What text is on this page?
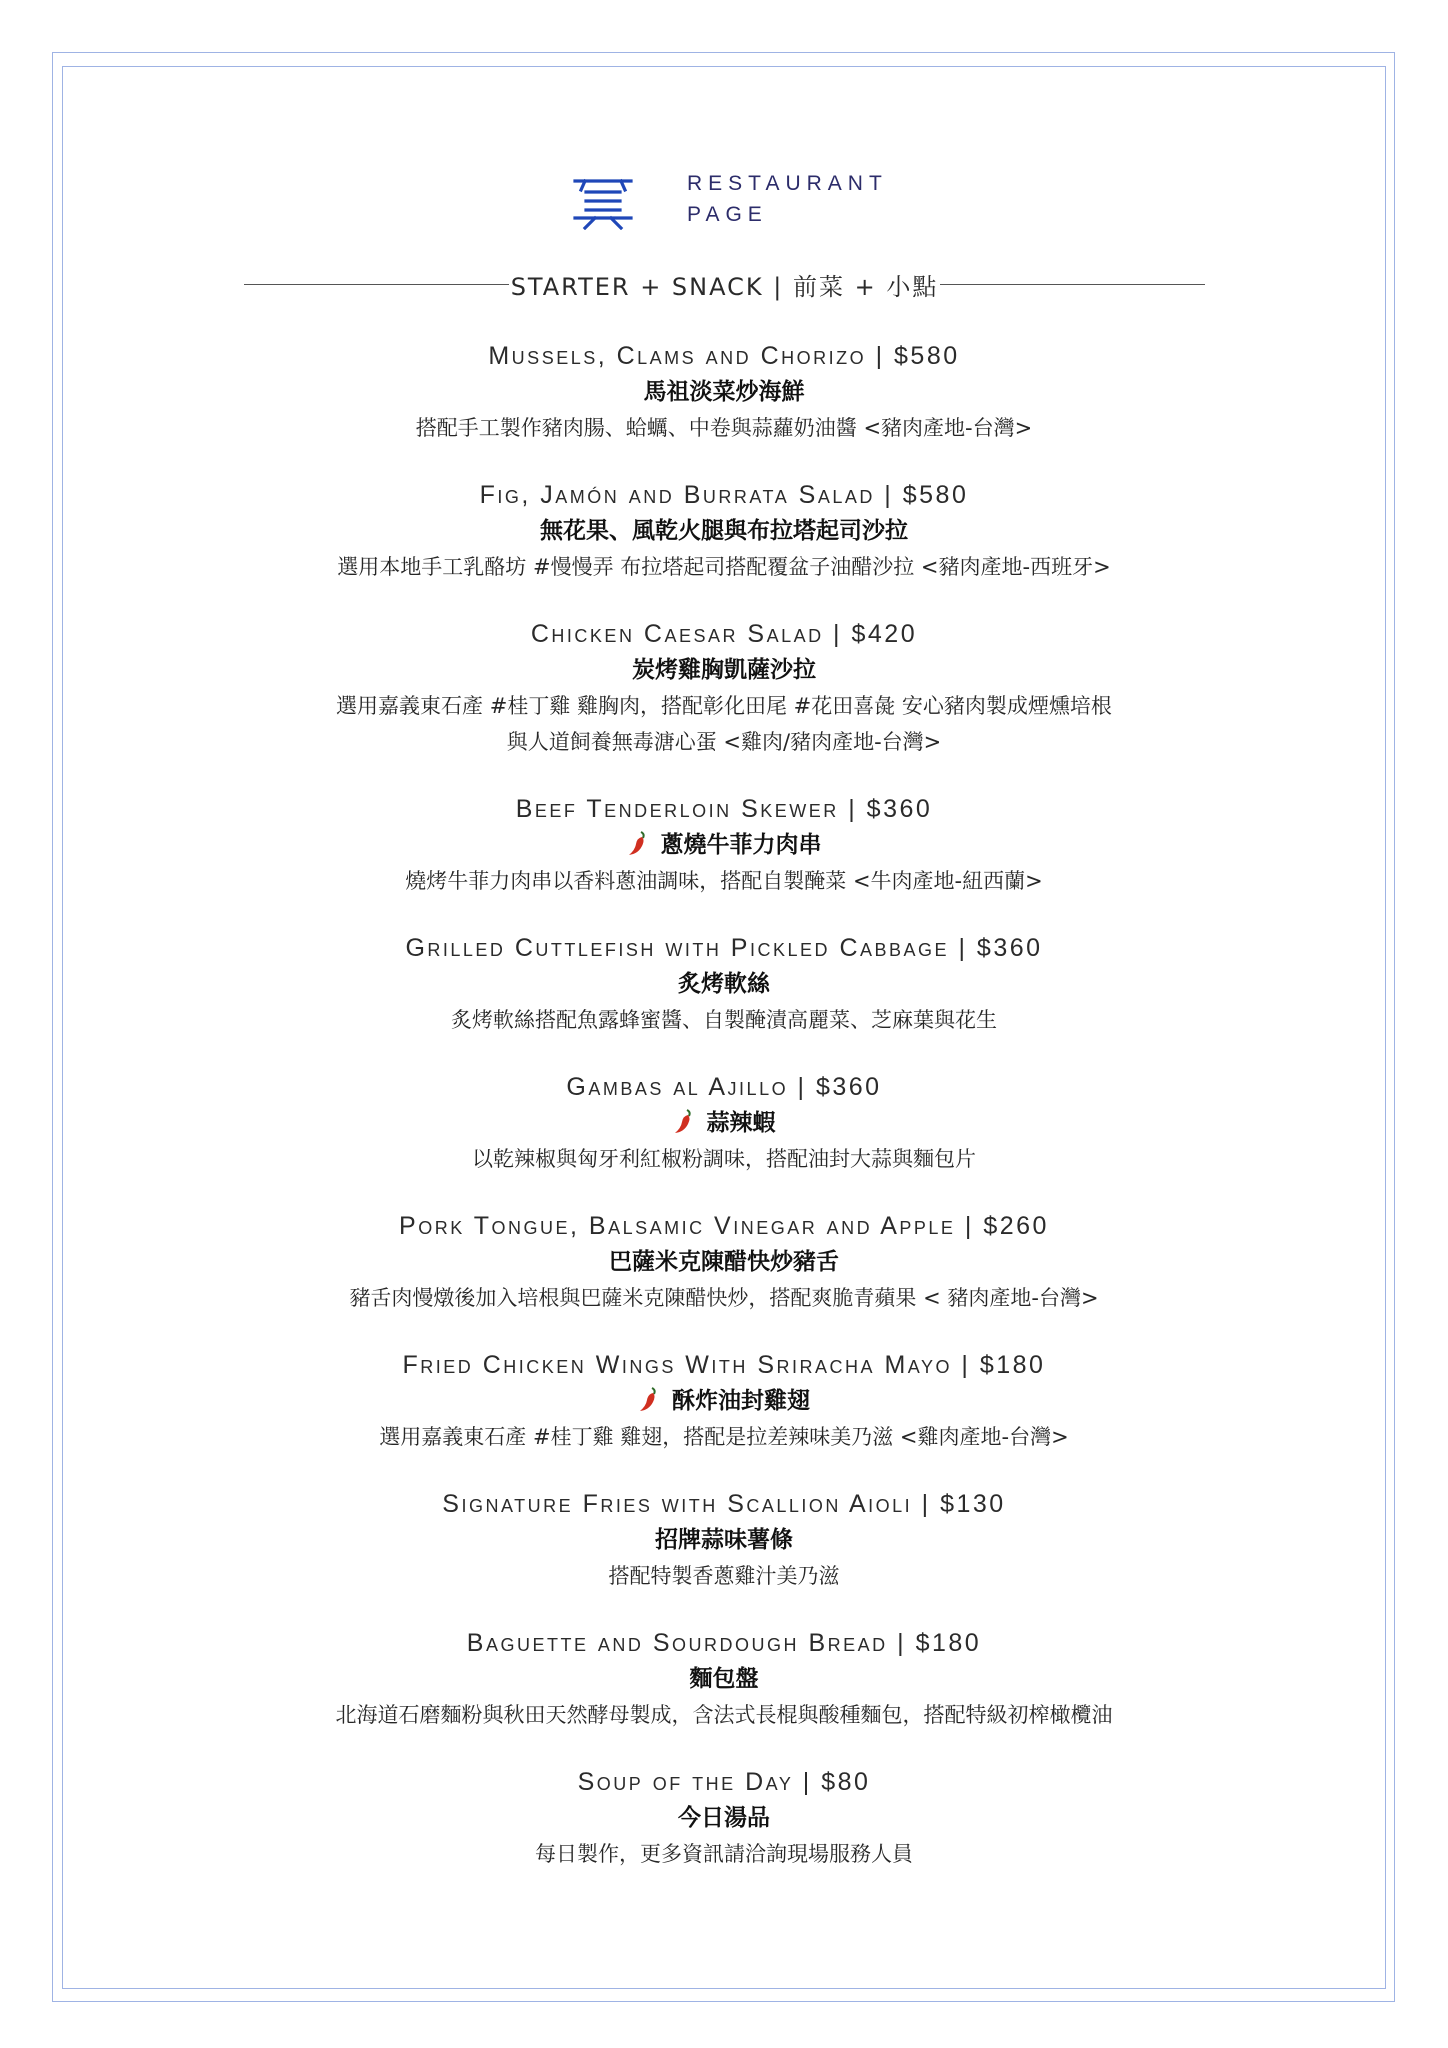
RESTAURANT
PAGE
STARTER + SNACK | 前菜 + 小點
Mussels, Clams and Chorizo | $580
馬祖淡菜炒海鮮
搭配手工製作豬肉腸、蛤蠣、中卷與蒜蘿奶油醬 <豬肉產地-台灣>
Fig, Jamón and Burrata Salad | $580
無花果、風乾火腿與布拉塔起司沙拉
選用本地手工乳酪坊 #慢慢弄 布拉塔起司搭配覆盆子油醋沙拉 <豬肉產地-西班牙>
Chicken Caesar Salad | $420
炭烤雞胸凱薩沙拉
選用嘉義東石產 #桂丁雞 雞胸肉，搭配彰化田尾 #花田喜彘 安心豬肉製成煙燻培根
與人道飼養無毒溏心蛋 <雞肉/豬肉產地-台灣>
Beef Tenderloin Skewer | $360
蔥燒牛菲力肉串
燒烤牛菲力肉串以香料蔥油調味，搭配自製醃菜 <牛肉產地-紐西蘭>
Grilled Cuttlefish with Pickled Cabbage | $360
炙烤軟絲
炙烤軟絲搭配魚露蜂蜜醬、自製醃漬高麗菜、芝麻葉與花生
Gambas al Ajillo | $360
蒜辣蝦
以乾辣椒與匈牙利紅椒粉調味，搭配油封大蒜與麵包片
Pork Tongue, Balsamic Vinegar and Apple | $260
巴薩米克陳醋快炒豬舌
豬舌肉慢燉後加入培根與巴薩米克陳醋快炒，搭配爽脆青蘋果 < 豬肉產地-台灣>
Fried Chicken Wings With Sriracha Mayo | $180
酥炸油封雞翅
選用嘉義東石產 #桂丁雞 雞翅，搭配是拉差辣味美乃滋 <雞肉產地-台灣>
Signature Fries with Scallion Aioli | $130
招牌蒜味薯條
搭配特製香蔥雞汁美乃滋
Baguette and Sourdough Bread | $180
麵包盤
北海道石磨麵粉與秋田天然酵母製成，含法式長棍與酸種麵包，搭配特級初榨橄欖油
Soup of the Day | $80
今日湯品
每日製作，更多資訊請洽詢現場服務人員
